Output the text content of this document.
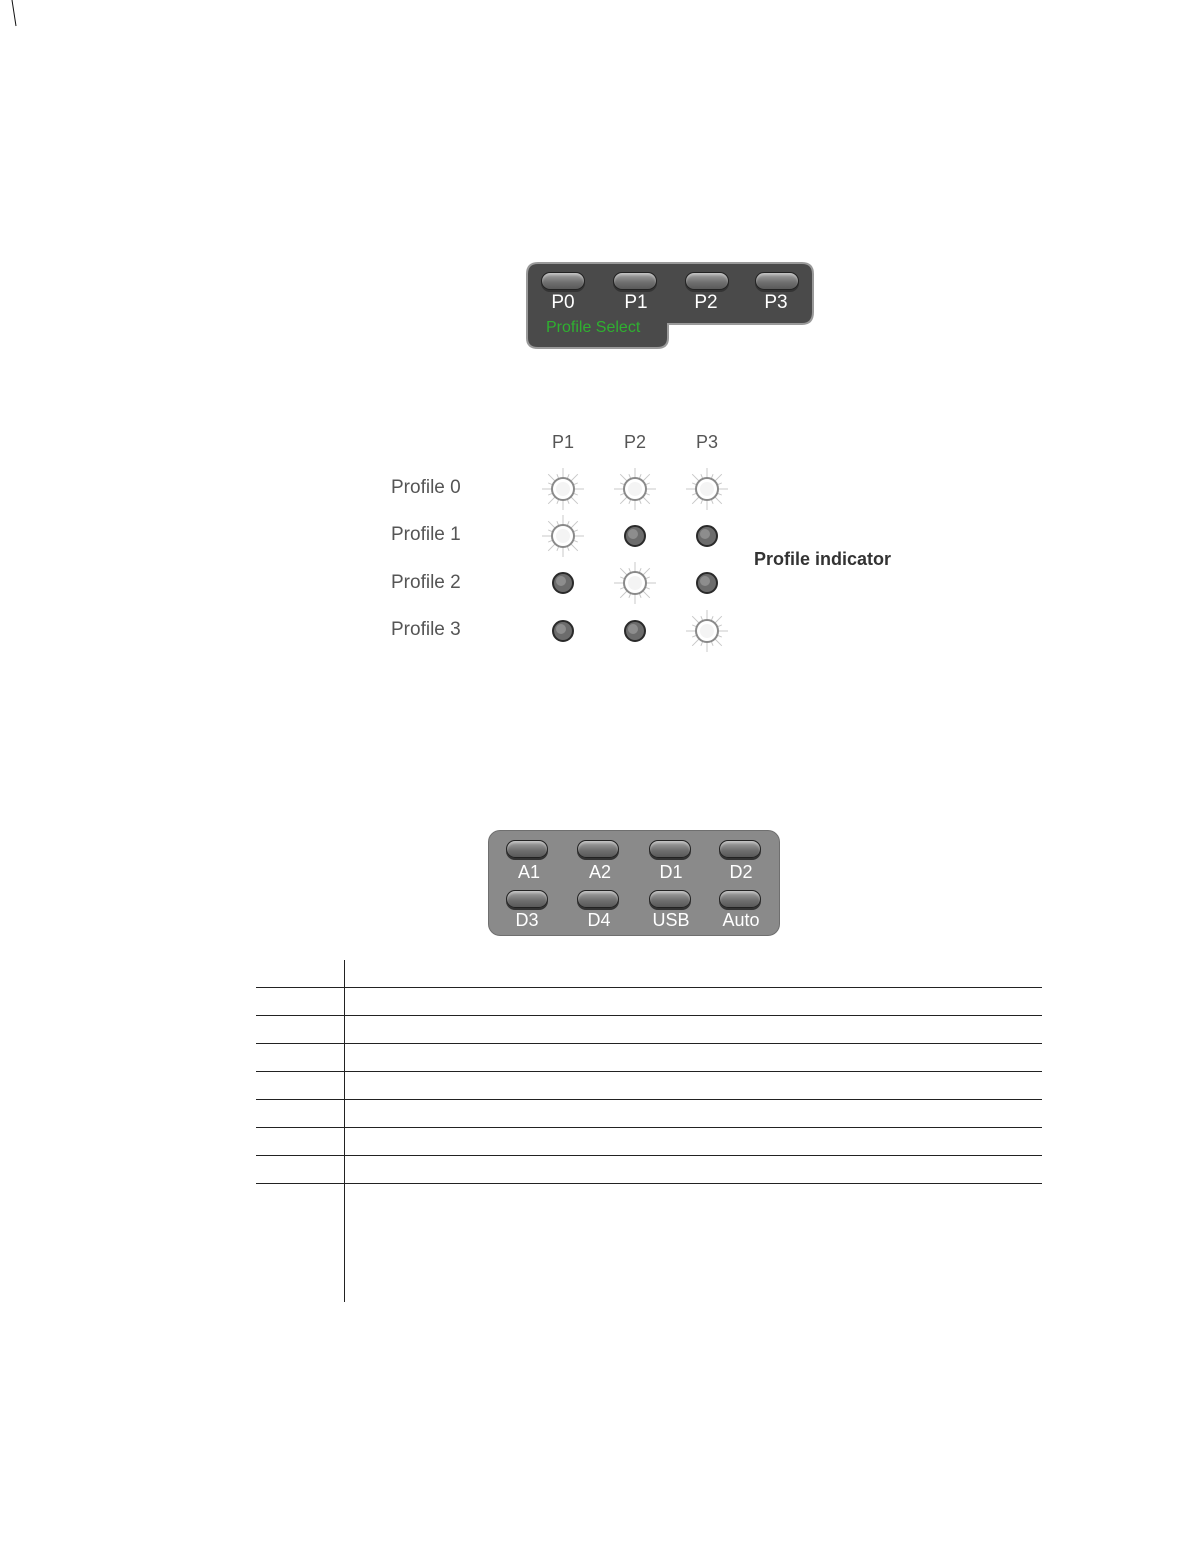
P0	P1	P2	P3
Profile Select
P1	P2	P3
Profile 0
Profile 1
Profile 2
Profile 3
Profile indicator
A1	A2	D1	D2
D3	D4	USB	Auto
